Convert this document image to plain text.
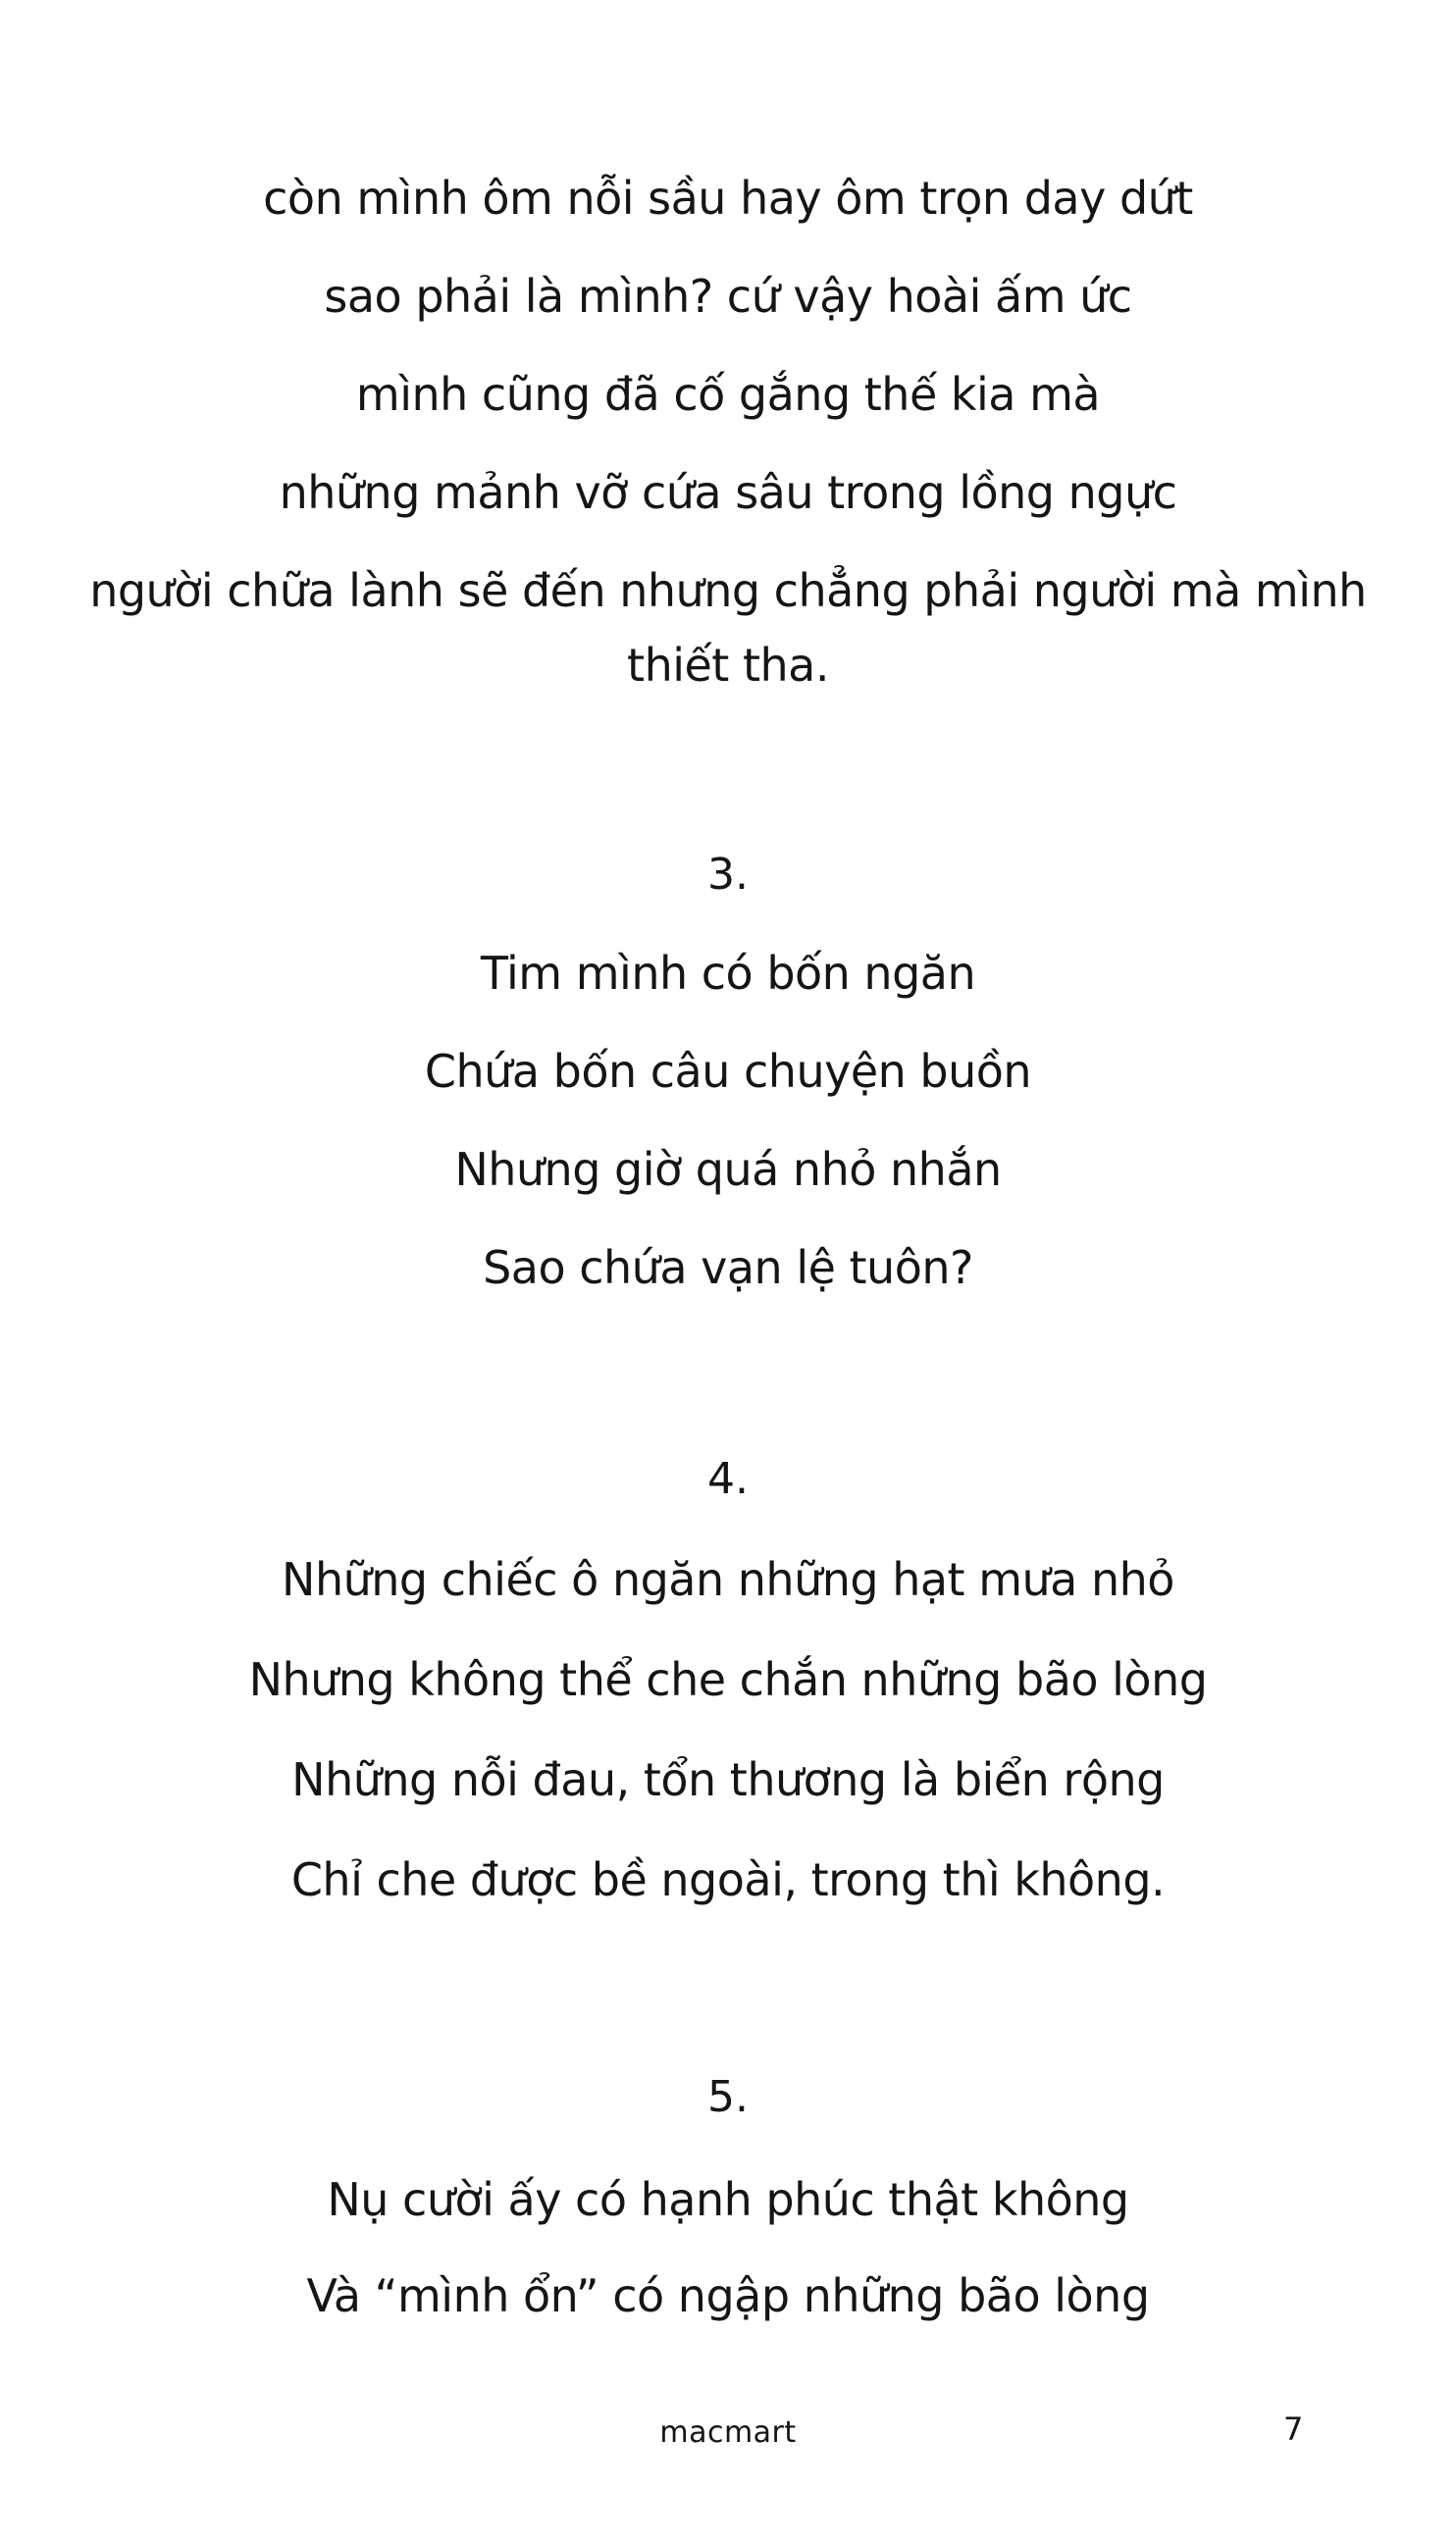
còn mình ôm nỗi sầu hay ôm trọn day dứt
sao phải là mình? cứ vậy hoài ấm ức
mình cũng đã cố gắng thế kia mà
những mảnh vỡ cứa sâu trong lồng ngực
người chữa lành sẽ đến nhưng chẳng phải người mà mình
thiết tha.
3.
Tim mình có bốn ngăn
Chứa bốn câu chuyện buồn
Nhưng giờ quá nhỏ nhắn
Sao chứa vạn lệ tuôn?
4.
Những chiếc ô ngăn những hạt mưa nhỏ
Nhưng không thể che chắn những bão lòng
Những nỗi đau, tổn thương là biển rộng
Chỉ che được bề ngoài, trong thì không.
5.
Nụ cười ấy có hạnh phúc thật không
Và “mình ổn” có ngập những bão lòng
macmart	7
